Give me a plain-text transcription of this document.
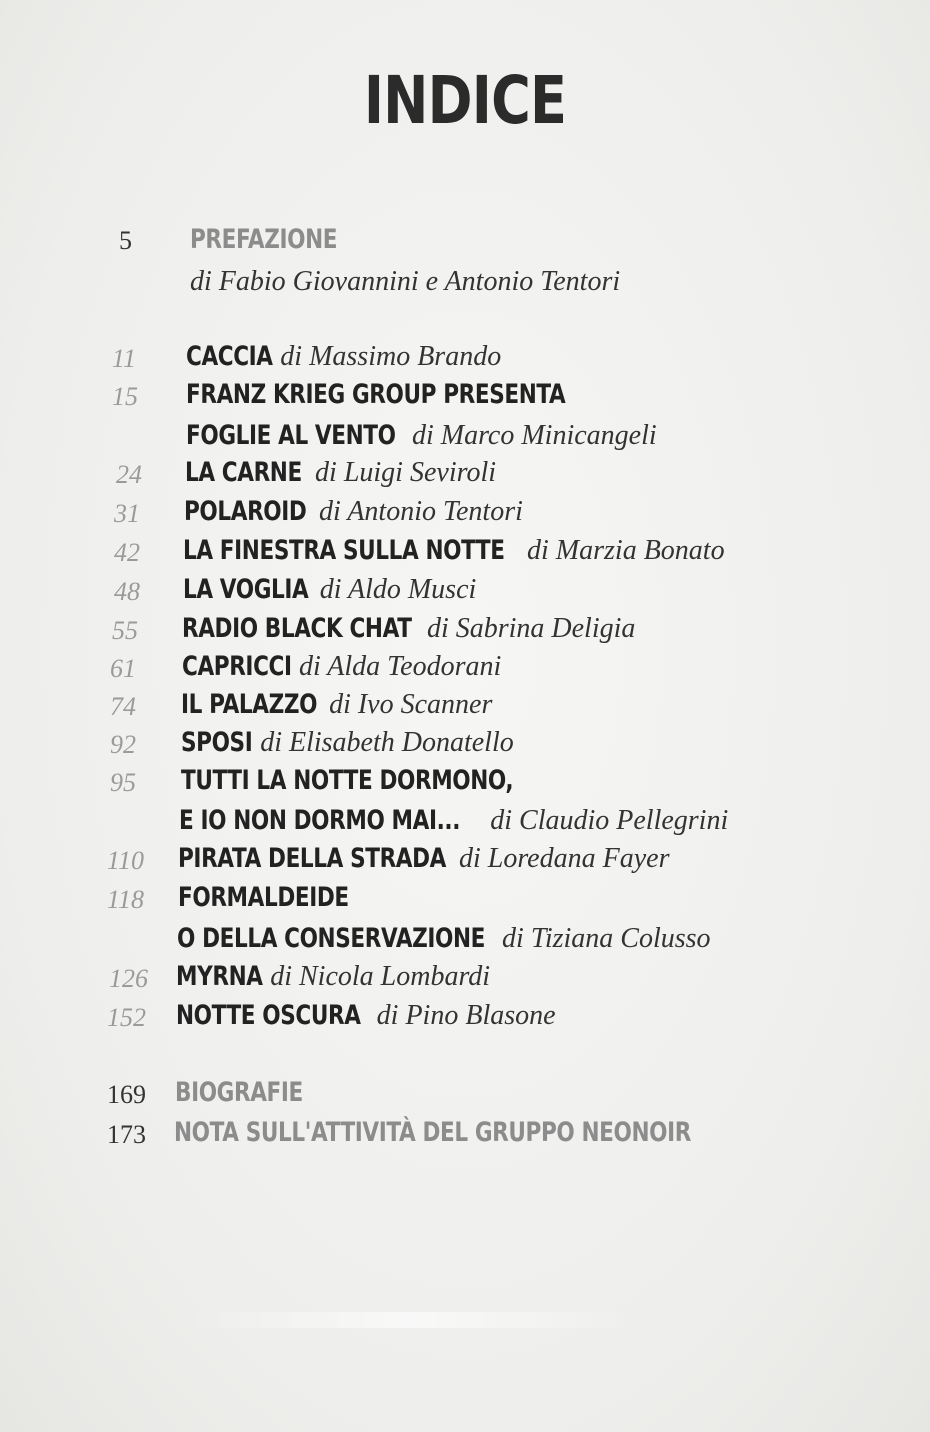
INDICE
5 PREFAZIONE
di Fabio Giovannini e Antonio Tentori
11 CACCIA di Massimo Brando
15 FRANZ KRIEG GROUP PRESENTA
FOGLIE AL VENTO di Marco Minicangeli
24 LA CARNE di Luigi Seviroli
31 POLAROID di Antonio Tentori
42 LA FINESTRA SULLA NOTTE di Marzia Bonato
48 LA VOGLIA di Aldo Musci
55 RADIO BLACK CHAT di Sabrina Deligia
61 CAPRICCI di Alda Teodorani
74 IL PALAZZO di Ivo Scanner
92 SPOSI di Elisabeth Donatello
95 TUTTI LA NOTTE DORMONO,
E IO NON DORMO MAI... di Claudio Pellegrini
110 PIRATA DELLA STRADA di Loredana Fayer
118 FORMALDEIDE
O DELLA CONSERVAZIONE di Tiziana Colusso
126 MYRNA di Nicola Lombardi
152 NOTTE OSCURA di Pino Blasone
169 BIOGRAFIE
173 NOTA SULL'ATTIVITÀ DEL GRUPPO NEONOIR
